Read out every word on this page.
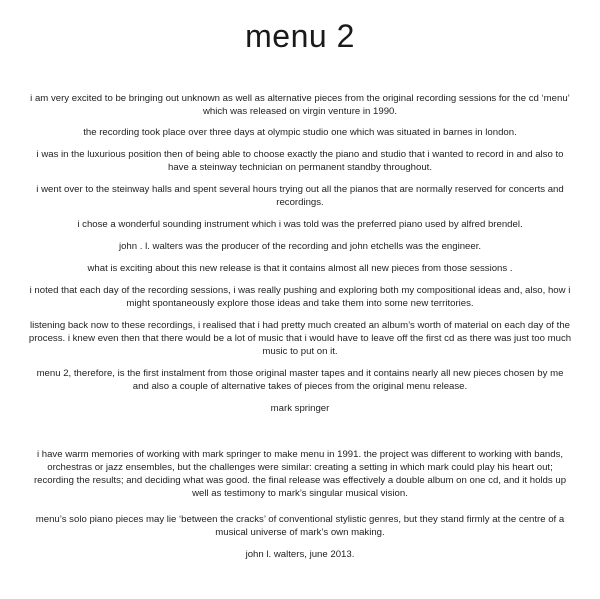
menu 2

i am very excited to be bringing out unknown as well as alternative pieces from the original recording sessions for the cd ‘menu’ which was released on virgin venture in 1990.

the recording took place over three days at olympic studio one which was situated in barnes in london.

i was in the luxurious position then of being able to choose exactly the piano and studio that i wanted to record in and also to have a steinway technician on permanent standby throughout.

i went over to the steinway halls and spent several hours trying out all the pianos that are normally reserved for concerts and recordings.

i chose a wonderful sounding instrument which i was told was the preferred piano used by alfred brendel.

john . l. walters was the producer of the recording and john etchells was the engineer.

what is exciting about this new release is that it contains almost all new pieces from those sessions .

i noted that each day of the recording sessions, i was really pushing and exploring both my compositional ideas and, also, how i might spontaneously explore those ideas and take them into some new territories.

listening back now to these recordings, i realised that i had pretty much created an album’s worth of material on each day of the process. i knew even then that there would be a lot of music that i would have to leave off the first cd as there was just too much music to put on it.

menu 2, therefore, is the first instalment from those original master tapes and it contains nearly all new pieces chosen by me and also a couple of alternative takes of pieces from the original menu release.

mark springer

i have warm memories of working with mark springer to make menu in 1991. the project was different to working with bands, orchestras or jazz ensembles, but the challenges were similar: creating a setting in which mark could play his heart out; recording the results; and deciding what was good. the final release was effectively a double album on one cd, and it holds up well as testimony to mark’s singular musical vision.

menu’s solo piano pieces may lie ‘between the cracks’ of conventional stylistic genres, but they stand firmly at the centre of a musical universe of mark’s own making.

john l. walters, june 2013.
